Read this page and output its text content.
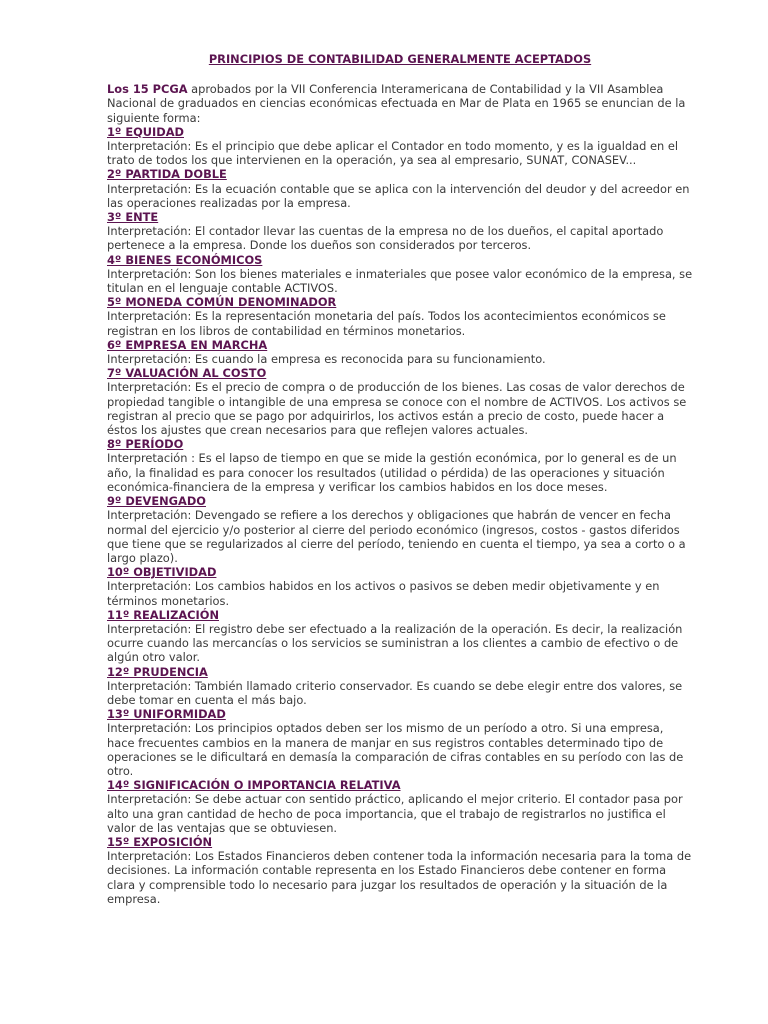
PRINCIPIOS DE CONTABILIDAD GENERALMENTE ACEPTADOS

Los 15 PCGA aprobados por la VII Conferencia Interamericana de Contabilidad y la VII Asamblea Nacional de graduados en ciencias económicas efectuada en Mar de Plata en 1965 se enuncian de la siguiente forma:

1º EQUIDAD
Interpretación: Es el principio que debe aplicar el Contador en todo momento, y es la igualdad en el trato de todos los que intervienen en la operación, ya sea al empresario, SUNAT, CONASEV...
2º PARTIDA DOBLE
Interpretación: Es la ecuación contable que se aplica con la intervención del deudor y del acreedor en las operaciones realizadas por la empresa.
3º ENTE
Interpretación: El contador llevar las cuentas de la empresa no de los dueños, el capital aportado pertenece a la empresa. Donde los dueños son considerados por terceros.
4º BIENES ECONÓMICOS
Interpretación: Son los bienes materiales e inmateriales que posee valor económico de la empresa, se titulan en el lenguaje contable ACTIVOS.
5º MONEDA COMÚN DENOMINADOR
Interpretación: Es la representación monetaria del país. Todos los acontecimientos económicos se registran en los libros de contabilidad en términos monetarios.
6º EMPRESA EN MARCHA
Interpretación: Es cuando la empresa es reconocida para su funcionamiento.
7º VALUACIÓN AL COSTO
Interpretación: Es el precio de compra o de producción de los bienes. Las cosas de valor derechos de propiedad tangible o intangible de una empresa se conoce con el nombre de ACTIVOS. Los activos se registran al precio que se pago por adquirirlos, los activos están a precio de costo, puede hacer a éstos los ajustes que crean necesarios para que reflejen valores actuales.
8º PERÍODO
Interpretación : Es el lapso de tiempo en que se mide la gestión económica, por lo general es de un año, la finalidad es para conocer los resultados (utilidad o pérdida) de las operaciones y situación económica-financiera de la empresa y verificar los cambios habidos en los doce meses.
9º DEVENGADO
Interpretación: Devengado se refiere a los derechos y obligaciones que habrán de vencer en fecha normal del ejercicio y/o posterior al cierre del periodo económico (ingresos, costos - gastos diferidos que tiene que se regularizados al cierre del período, teniendo en cuenta el tiempo, ya sea a corto o a largo plazo).
10º OBJETIVIDAD
Interpretación: Los cambios habidos en los activos o pasivos se deben medir objetivamente y en términos monetarios.
11º REALIZACIÓN
Interpretación: El registro debe ser efectuado a la realización de la operación. Es decir, la realización ocurre cuando las mercancías o los servicios se suministran a los clientes a cambio de efectivo o de algún otro valor.
12º PRUDENCIA
Interpretación: También llamado criterio conservador. Es cuando se debe elegir entre dos valores, se debe tomar en cuenta el más bajo.
13º UNIFORMIDAD
Interpretación: Los principios optados deben ser los mismo de un período a otro. Si una empresa, hace frecuentes cambios en la manera de manjar en sus registros contables determinado tipo de operaciones se le dificultará en demasía la comparación de cifras contables en su período con las de otro.
14º SIGNIFICACIÓN O IMPORTANCIA RELATIVA
Interpretación: Se debe actuar con sentido práctico, aplicando el mejor criterio. El contador pasa por alto una gran cantidad de hecho de poca importancia, que el trabajo de registrarlos no justifica el valor de las ventajas que se obtuviesen.
15º EXPOSICIÓN
Interpretación: Los Estados Financieros deben contener toda la información necesaria para la toma de decisiones. La información contable representa en los Estado Financieros debe contener en forma clara y comprensible todo lo necesario para juzgar los resultados de operación y la situación de la empresa.
